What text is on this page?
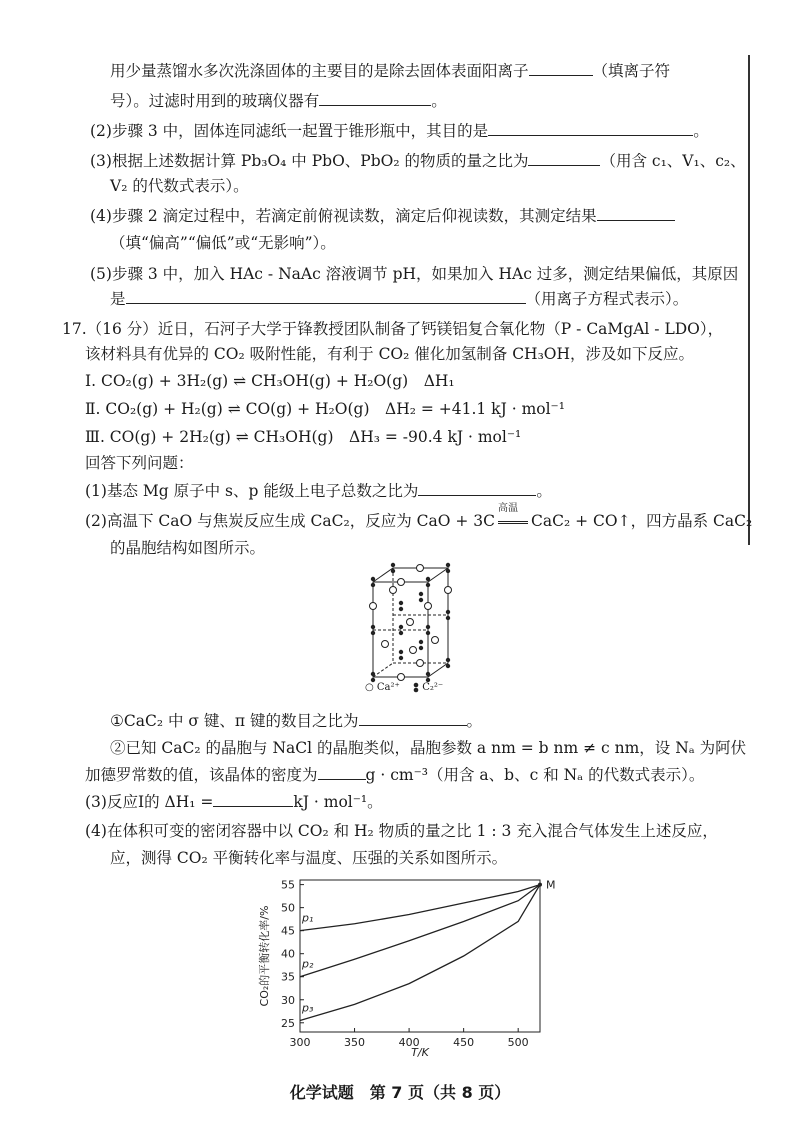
用少量蒸馏水多次洗涤固体的主要目的是除去固体表面阳离子	（填离子符
号）。过滤时用到的玻璃仪器有	。
(2)步骤 3 中，固体连同滤纸一起置于锥形瓶中，其目的是	。
(3)根据上述数据计算 Pb₃O₄ 中 PbO、PbO₂ 的物质的量之比为	（用含 c₁、V₁、c₂、
V₂ 的代数式表示）。
(4)步骤 2 滴定过程中，若滴定前俯视读数，滴定后仰视读数，其测定结果
（填“偏高”“偏低”或“无影响”）。
(5)步骤 3 中，加入 HAc - NaAc 溶液调节 pH，如果加入 HAc 过多，测定结果偏低，其原因
是	（用离子方程式表示）。
17.（16 分）近日，石河子大学于锋教授团队制备了钙镁铝复合氧化物（P - CaMgAl - LDO），
该材料具有优异的 CO₂ 吸附性能，有利于 CO₂ 催化加氢制备 CH₃OH，涉及如下反应。
Ⅰ. CO₂(g) + 3H₂(g) ⇌ CH₃OH(g) + H₂O(g)　ΔH₁
Ⅱ. CO₂(g) + H₂(g) ⇌ CO(g) + H₂O(g)　ΔH₂ = +41.1 kJ · mol⁻¹
Ⅲ. CO(g) + 2H₂(g) ⇌ CH₃OH(g)　ΔH₃ = -90.4 kJ · mol⁻¹
回答下列问题：
(1)基态 Mg 原子中 s、p 能级上电子总数之比为	。
(2)高温下 CaO 与焦炭反应生成 CaC₂，反应为 CaO + 3C
高温
CaC₂ + CO↑，四方晶系 CaC₂
的晶胞结构如图所示。
○ Ca²⁺	C₂²⁻
①CaC₂ 中 σ 键、π 键的数目之比为	。
②已知 CaC₂ 的晶胞与 NaCl 的晶胞类似，晶胞参数 a nm = b nm ≠ c nm，设 Nₐ 为阿伏
加德罗常数的值，该晶体的密度为	g · cm⁻³（用含 a、b、c 和 Nₐ 的代数式表示）。
(3)反应Ⅰ的 ΔH₁ =	kJ · mol⁻¹。
(4)在体积可变的密闭容器中以 CO₂ 和 H₂ 物质的量之比 1 : 3 充入混合气体发生上述反应，
应，测得 CO₂ 平衡转化率与温度、压强的关系如图所示。
300	350	400	450	500
25
30
35
40
45
50
55
T/K
CO₂的平衡转化率/%	p₁
p₂
p₃
M
化学试题　第 7 页（共 8 页）
